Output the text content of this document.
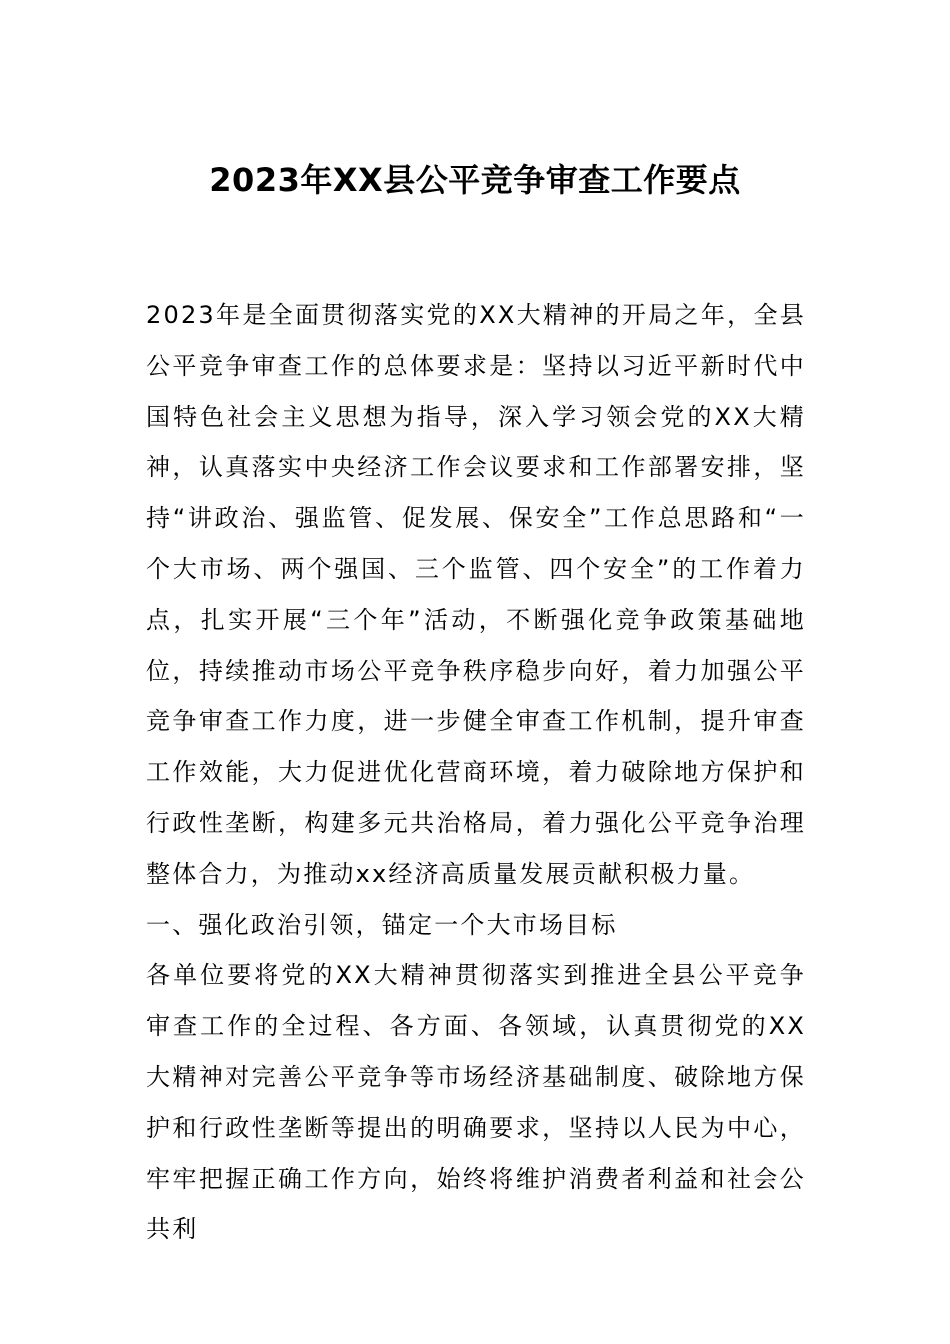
2023年XX县公平竞争审查工作要点

2023年是全面贯彻落实党的XX大精神的开局之年，全县公平竞争审查工作的总体要求是：坚持以习近平新时代中国特色社会主义思想为指导，深入学习领会党的XX大精神，认真落实中央经济工作会议要求和工作部署安排，坚持“讲政治、强监管、促发展、保安全”工作总思路和“一个大市场、两个强国、三个监管、四个安全”的工作着力点，扎实开展“三个年”活动，不断强化竞争政策基础地位，持续推动市场公平竞争秩序稳步向好，着力加强公平竞争审查工作力度，进一步健全审查工作机制，提升审查工作效能，大力促进优化营商环境，着力破除地方保护和行政性垄断，构建多元共治格局，着力强化公平竞争治理整体合力，为推动xx经济高质量发展贡献积极力量。

一、强化政治引领，锚定一个大市场目标

各单位要将党的XX大精神贯彻落实到推进全县公平竞争审查工作的全过程、各方面、各领域，认真贯彻党的XX大精神对完善公平竞争等市场经济基础制度、破除地方保护和行政性垄断等提出的明确要求，坚持以人民为中心，牢牢把握正确工作方向，始终将维护消费者利益和社会公共利
